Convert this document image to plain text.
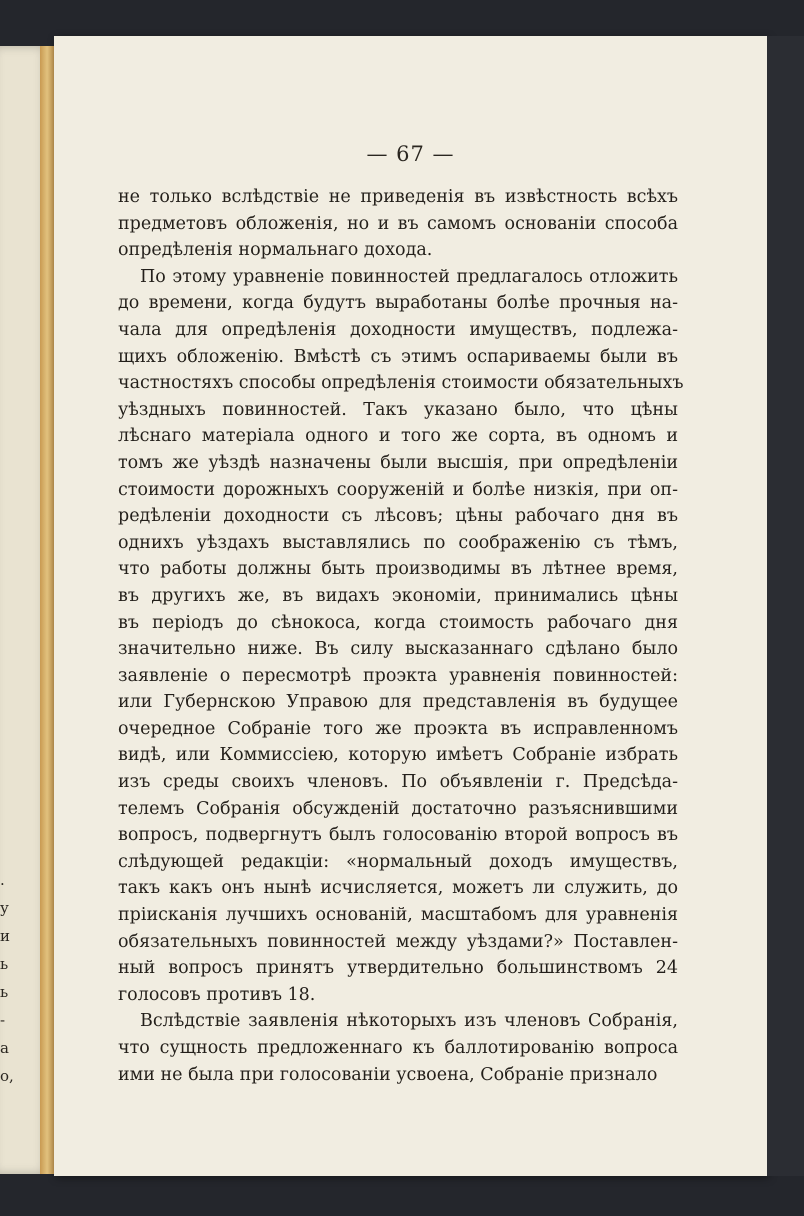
.
у
и
ь
ь
-
а
о,
— 67 —

не только вслѣдствіе не приведенія въ извѣстность всѣхъ

предметовъ обложенія, но и въ самомъ основаніи способа

опредѣленія нормальнаго дохода.

По этому уравненіе повинностей предлагалось отложить

до времени, когда будутъ выработаны болѣе прочныя на-

чала для опредѣленія доходности имуществъ, подлежа-

щихъ обложенію. Вмѣстѣ съ этимъ оспариваемы были въ

частностяхъ способы опредѣленія стоимости обязательныхъ

уѣздныхъ повинностей. Такъ указано было, что цѣны

лѣснаго матеріала одного и того же сорта, въ одномъ и

томъ же уѣздѣ назначены были высшія, при опредѣленіи

стоимости дорожныхъ сооруженій и болѣе низкія, при оп-

редѣленіи доходности съ лѣсовъ; цѣны рабочаго дня въ

однихъ уѣздахъ выставлялись по соображенію съ тѣмъ,

что работы должны быть производимы въ лѣтнее время,

въ другихъ же, въ видахъ экономіи, принимались цѣны

въ періодъ до сѣнокоса, когда стоимость рабочаго дня

значительно ниже. Въ силу высказаннаго сдѣлано было

заявленіе о пересмотрѣ проэкта уравненія повинностей:

или Губернскою Управою для представленія въ будущее

очередное Собраніе того же проэкта въ исправленномъ

видѣ, или Коммиссіею, которую имѣетъ Собраніе избрать

изъ среды своихъ членовъ. По объявленіи г. Предсѣда-

телемъ Собранія обсужденій достаточно разъяснившими

вопросъ, подвергнутъ былъ голосованію второй вопросъ въ

слѣдующей редакціи: «нормальный доходъ имуществъ,

такъ какъ онъ нынѣ исчисляется, можетъ ли служить, до

пріисканія лучшихъ основаній, масштабомъ для уравненія

обязательныхъ повинностей между уѣздами?» Поставлен-

ный вопросъ принятъ утвердительно большинствомъ 24

голосовъ противъ 18.

Вслѣдствіе заявленія нѣкоторыхъ изъ членовъ Собранія,

что сущность предложеннаго къ баллотированію вопроса

ими не была при голосованіи усвоена, Собраніе признало
